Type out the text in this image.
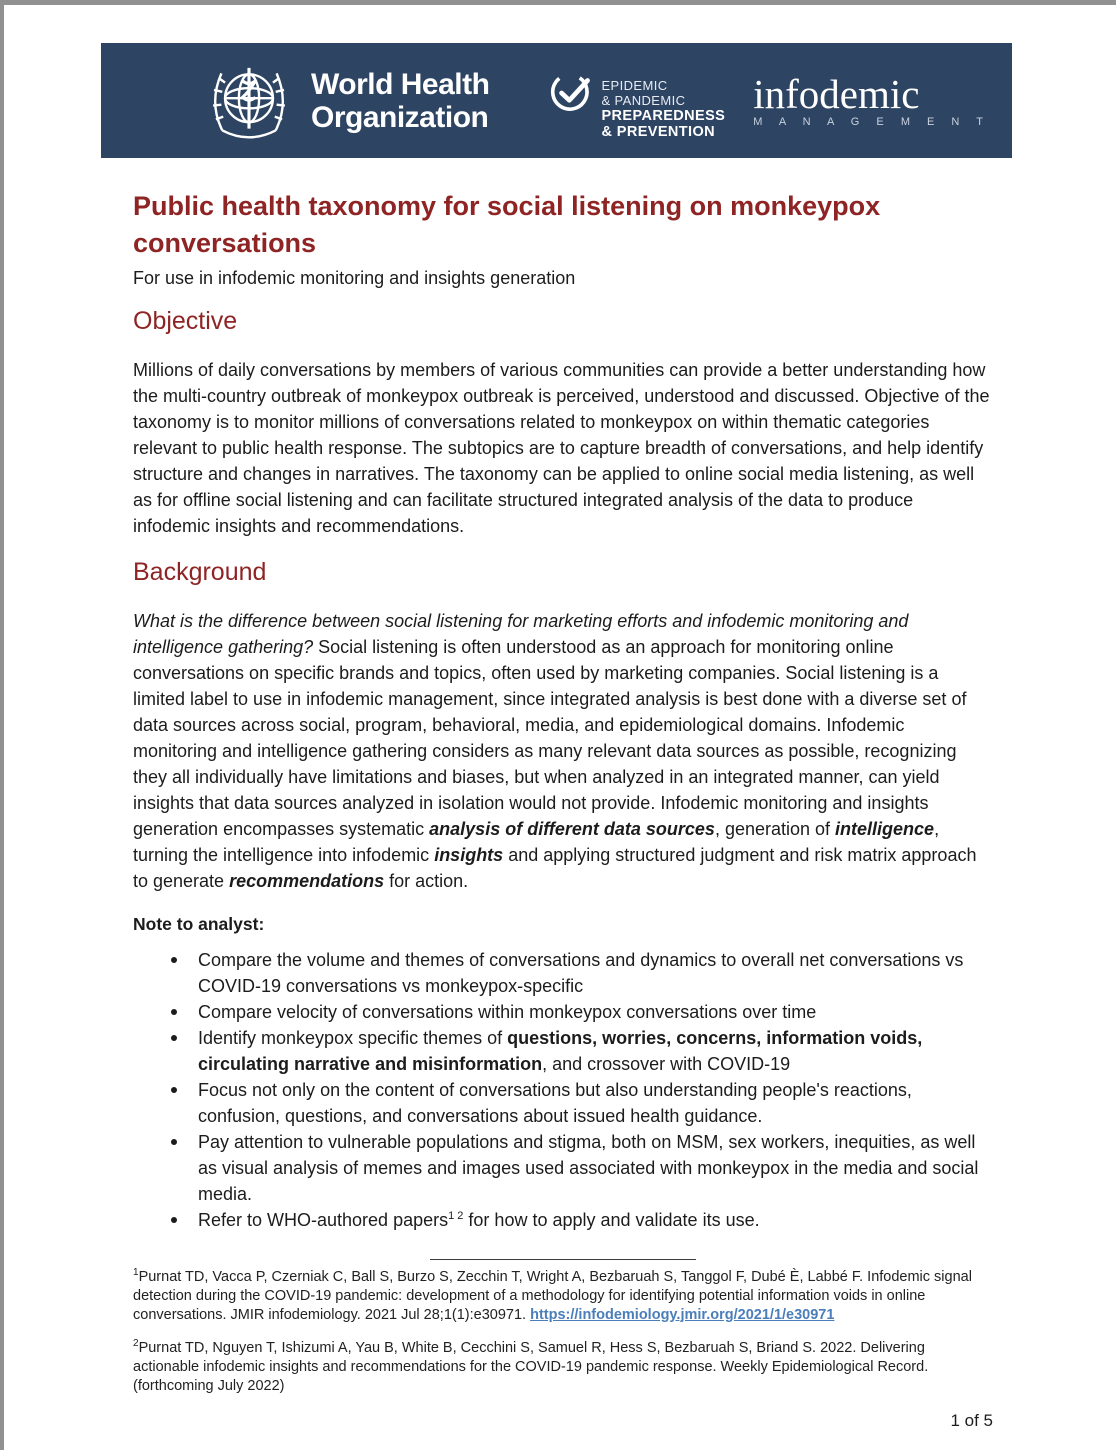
World Health
Organization
EPIDEMIC
& PANDEMIC
PREPAREDNESS
& PREVENTION
infodemic
M A N A G E M E N T
Public health taxonomy for social listening on monkeypox conversations
For use in infodemic monitoring and insights generation
Objective

Millions of daily conversations by members of various communities can provide a better understanding how the multi-country outbreak of monkeypox outbreak is perceived, understood and discussed. Objective of the taxonomy is to monitor millions of conversations related to monkeypox on within thematic categories relevant to public health response. The subtopics are to capture breadth of conversations, and help identify structure and changes in narratives. The taxonomy can be applied to online social media listening, as well as for offline social listening and can facilitate structured integrated analysis of the data to produce infodemic insights and recommendations.

Background

What is the difference between social listening for marketing efforts and infodemic monitoring and intelligence gathering? Social listening is often understood as an approach for monitoring online conversations on specific brands and topics, often used by marketing companies. Social listening is a limited label to use in infodemic management, since integrated analysis is best done with a diverse set of data sources across social, program, behavioral, media, and epidemiological domains. Infodemic monitoring and intelligence gathering considers as many relevant data sources as possible, recognizing they all individually have limitations and biases, but when analyzed in an integrated manner, can yield insights that data sources analyzed in isolation would not provide. Infodemic monitoring and insights generation encompasses systematic analysis of different data sources, generation of intelligence, turning the intelligence into infodemic insights and applying structured judgment and risk matrix approach to generate recommendations for action.

Note to analyst:
Compare the volume and themes of conversations and dynamics to overall net conversations vs COVID-19 conversations vs monkeypox-specific
Compare velocity of conversations within monkeypox conversations over time
Identify monkeypox specific themes of questions, worries, concerns, information voids, circulating narrative and misinformation, and crossover with COVID-19
Focus not only on the content of conversations but also understanding people's reactions, confusion, questions, and conversations about issued health guidance.
Pay attention to vulnerable populations and stigma, both on MSM, sex workers, inequities, as well as visual analysis of memes and images used associated with monkeypox in the media and social media.
Refer to WHO-authored papers$^{1 2}$ for how to apply and validate its use.

$^1$Purnat TD, Vacca P, Czerniak C, Ball S, Burzo S, Zecchin T, Wright A, Bezbaruah S, Tanggol F, Dubé È, Labbé F. Infodemic signal detection during the COVID-19 pandemic: development of a methodology for identifying potential information voids in online conversations. JMIR infodemiology. 2021 Jul 28;1(1):e30971. https://infodemiology.jmir.org/2021/1/e30971

$^2$Purnat TD, Nguyen T, Ishizumi A, Yau B, White B, Cecchini S, Samuel R, Hess S, Bezbaruah S, Briand S. 2022. Delivering actionable infodemic insights and recommendations for the COVID-19 pandemic response. Weekly Epidemiological Record. (forthcoming July 2022)

1 of 5
